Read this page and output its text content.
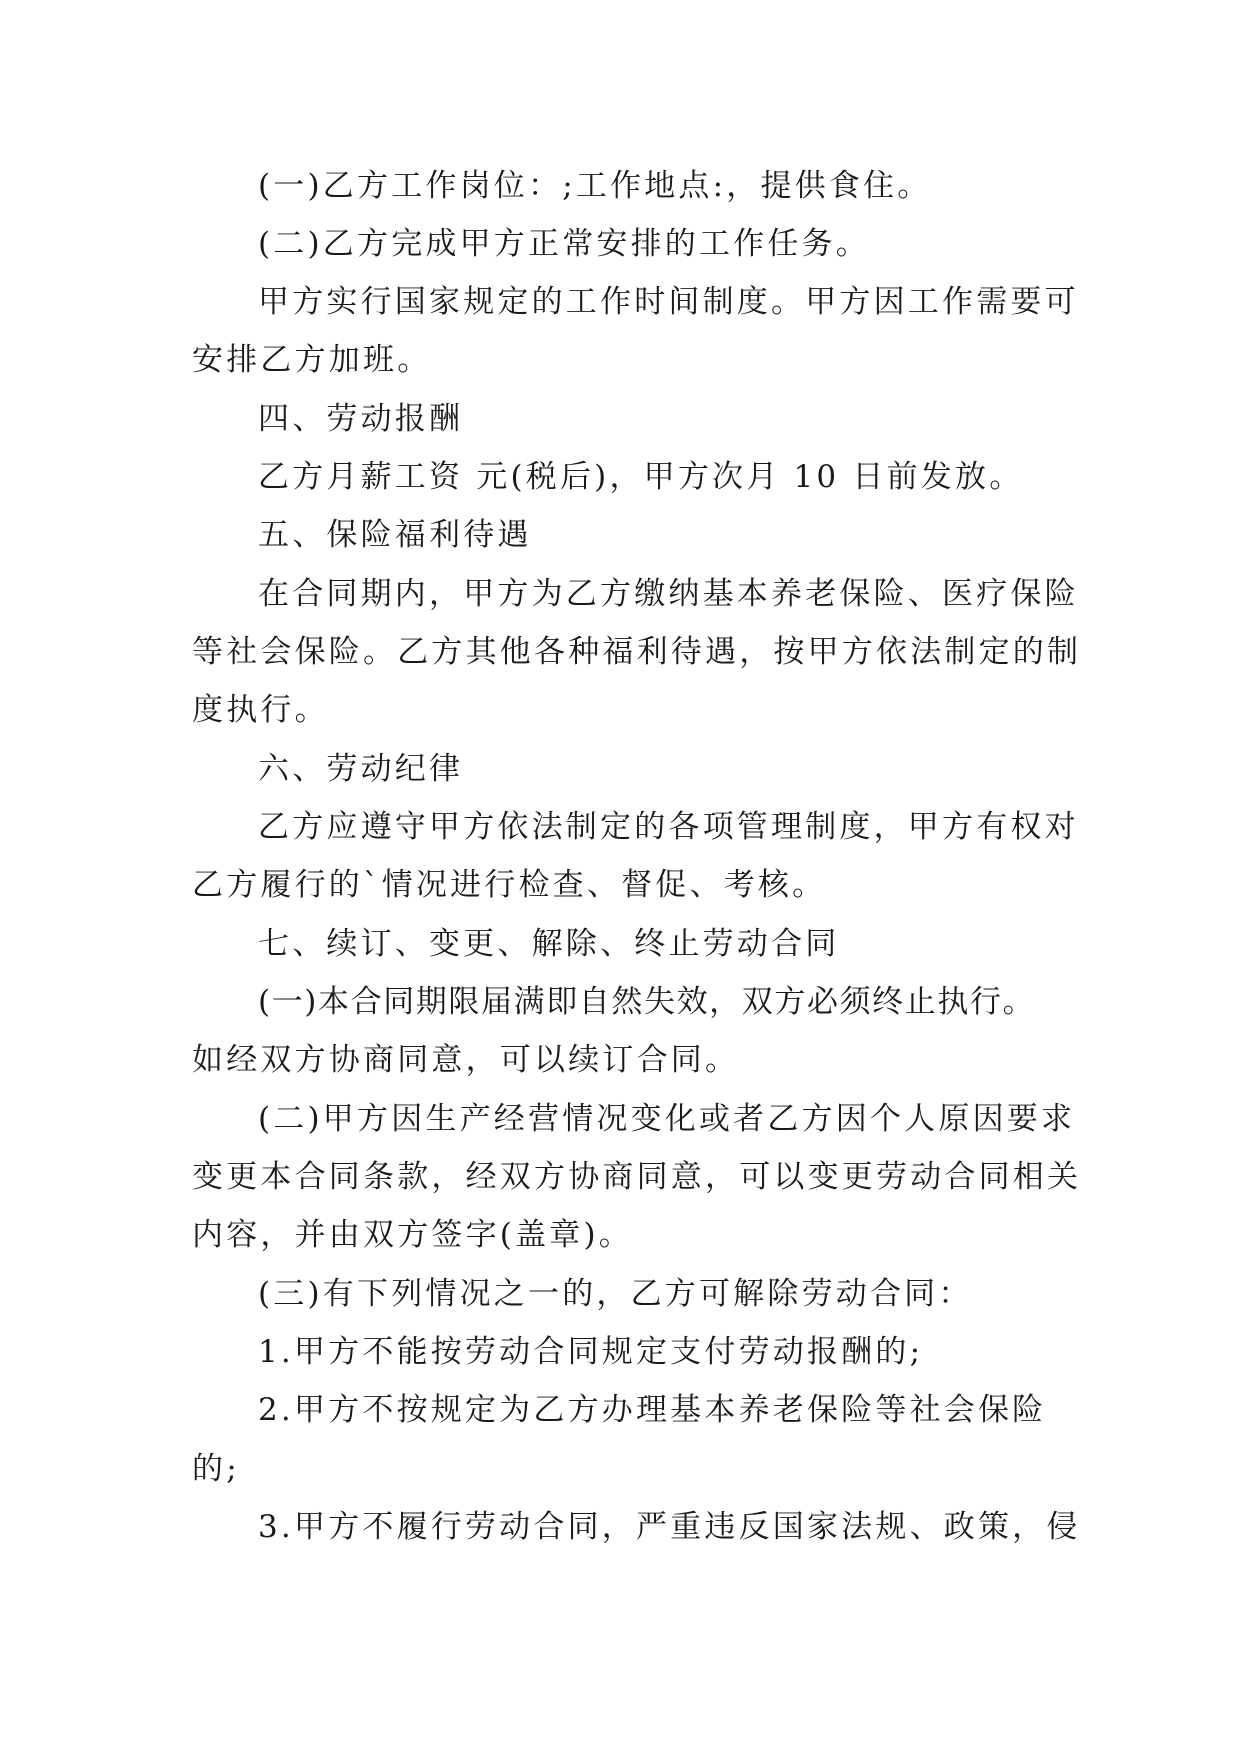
(一)乙方工作岗位：;工作地点:，提供食住。
(二)乙方完成甲方正常安排的工作任务。
甲方实行国家规定的工作时间制度。甲方因工作需要可
安排乙方加班。
四、劳动报酬
乙方月薪工资 元(税后)，甲方次月 10 日前发放。
五、保险福利待遇
在合同期内，甲方为乙方缴纳基本养老保险、医疗保险
等社会保险。乙方其他各种福利待遇，按甲方依法制定的制
度执行。
六、劳动纪律
乙方应遵守甲方依法制定的各项管理制度，甲方有权对
乙方履行的`情况进行检查、督促、考核。
七、续订、变更、解除、终止劳动合同
(一)本合同期限届满即自然失效，双方必须终止执行。
如经双方协商同意，可以续订合同。
(二)甲方因生产经营情况变化或者乙方因个人原因要求
变更本合同条款，经双方协商同意，可以变更劳动合同相关
内容，并由双方签字(盖章)。
(三)有下列情况之一的，乙方可解除劳动合同：
1.甲方不能按劳动合同规定支付劳动报酬的;
2.甲方不按规定为乙方办理基本养老保险等社会保险
的;
3.甲方不履行劳动合同，严重违反国家法规、政策，侵
